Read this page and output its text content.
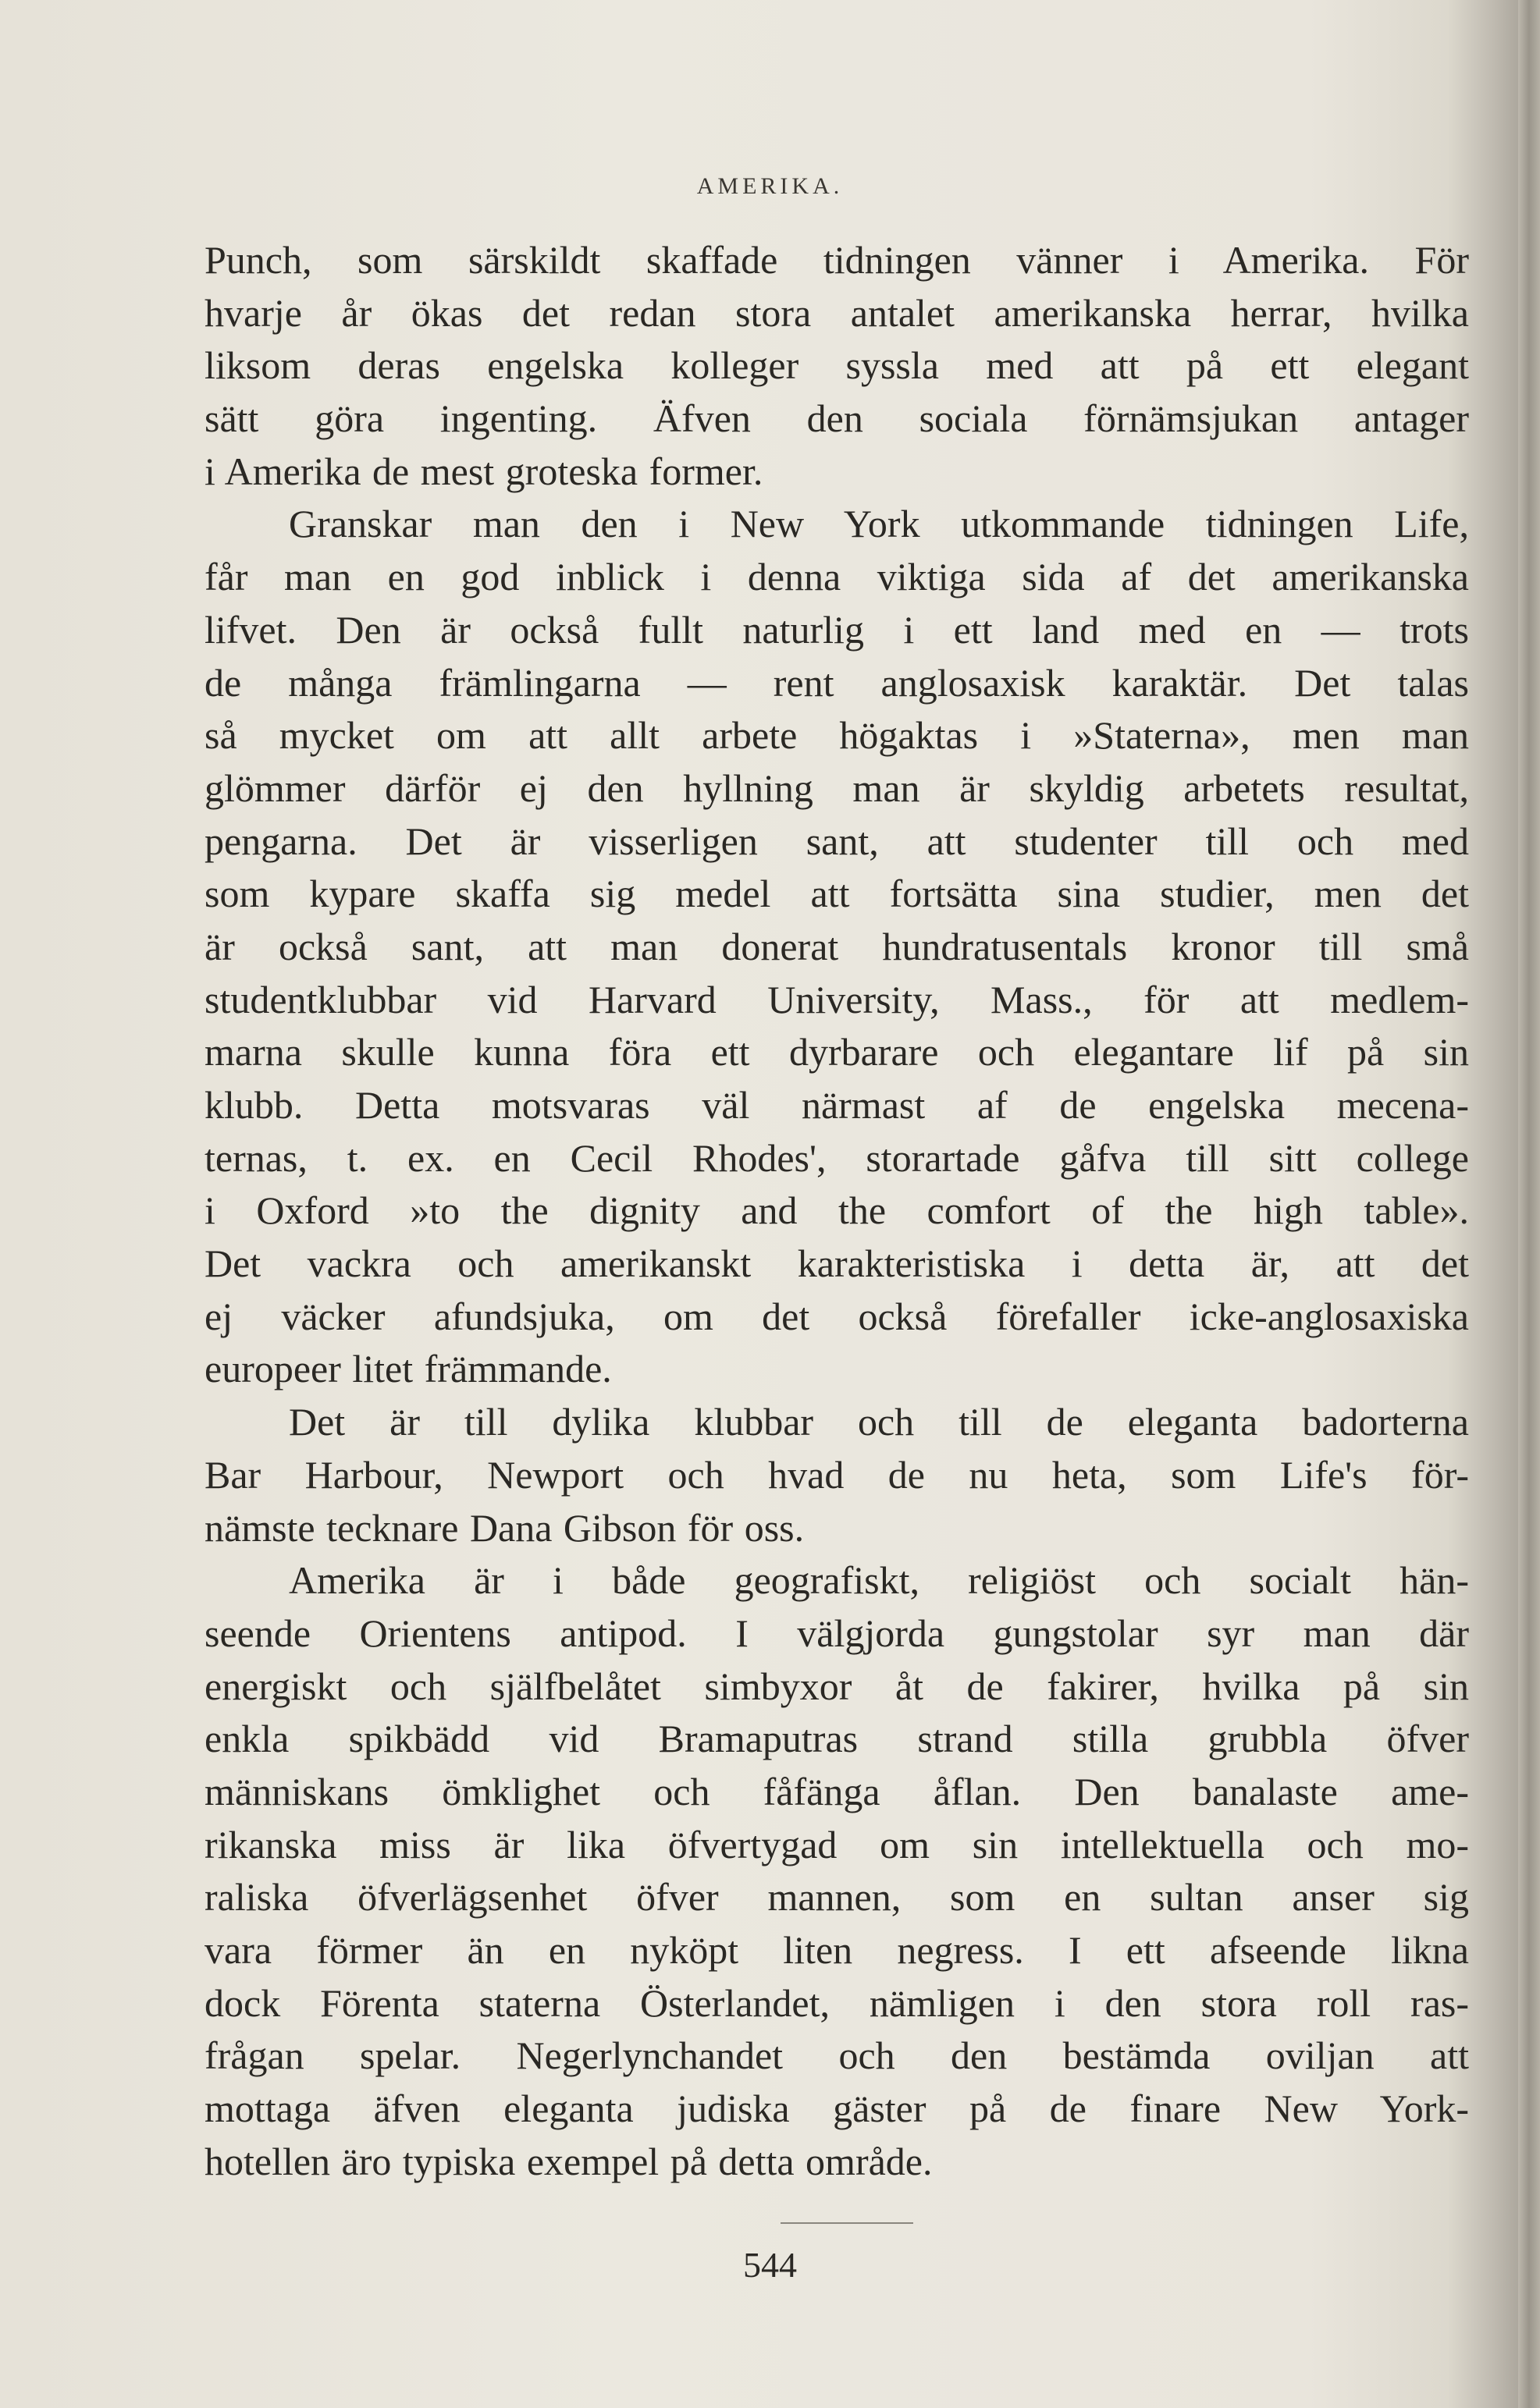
AMERIKA.
Punch, som särskildt skaffade tidningen vänner i Amerika. För
hvarje år ökas det redan stora antalet amerikanska herrar, hvilka
liksom deras engelska kolleger syssla med att på ett elegant
sätt göra ingenting. Äfven den sociala förnämsjukan antager
i Amerika de mest groteska former.
Granskar man den i New York utkommande tidningen Life,
får man en god inblick i denna viktiga sida af det amerikanska
lifvet. Den är också fullt naturlig i ett land med en — trots
de många främlingarna — rent anglosaxisk karaktär. Det talas
så mycket om att allt arbete högaktas i »Staterna», men man
glömmer därför ej den hyllning man är skyldig arbetets resultat,
pengarna. Det är visserligen sant, att studenter till och med
som kypare skaffa sig medel att fortsätta sina studier, men det
är också sant, att man donerat hundratusentals kronor till små
studentklubbar vid Harvard University, Mass., för att medlem-
marna skulle kunna föra ett dyrbarare och elegantare lif på sin
klubb. Detta motsvaras väl närmast af de engelska mecena-
ternas, t. ex. en Cecil Rhodes', storartade gåfva till sitt college
i Oxford »to the dignity and the comfort of the high table».
Det vackra och amerikanskt karakteristiska i detta är, att det
ej väcker afundsjuka, om det också förefaller icke-anglosaxiska
europeer litet främmande.
Det är till dylika klubbar och till de eleganta badorterna
Bar Harbour, Newport och hvad de nu heta, som Life's för-
nämste tecknare Dana Gibson för oss.
Amerika är i både geografiskt, religiöst och socialt hän-
seende Orientens antipod. I välgjorda gungstolar syr man där
energiskt och själfbelåtet simbyxor åt de fakirer, hvilka på sin
enkla spikbädd vid Bramaputras strand stilla grubbla öfver
människans ömklighet och fåfänga åflan. Den banalaste ame-
rikanska miss är lika öfvertygad om sin intellektuella och mo-
raliska öfverlägsenhet öfver mannen, som en sultan anser sig
vara förmer än en nyköpt liten negress. I ett afseende likna
dock Förenta staterna Österlandet, nämligen i den stora roll ras-
frågan spelar. Negerlynchandet och den bestämda oviljan att
mottaga äfven eleganta judiska gäster på de finare New York-
hotellen äro typiska exempel på detta område.
544
